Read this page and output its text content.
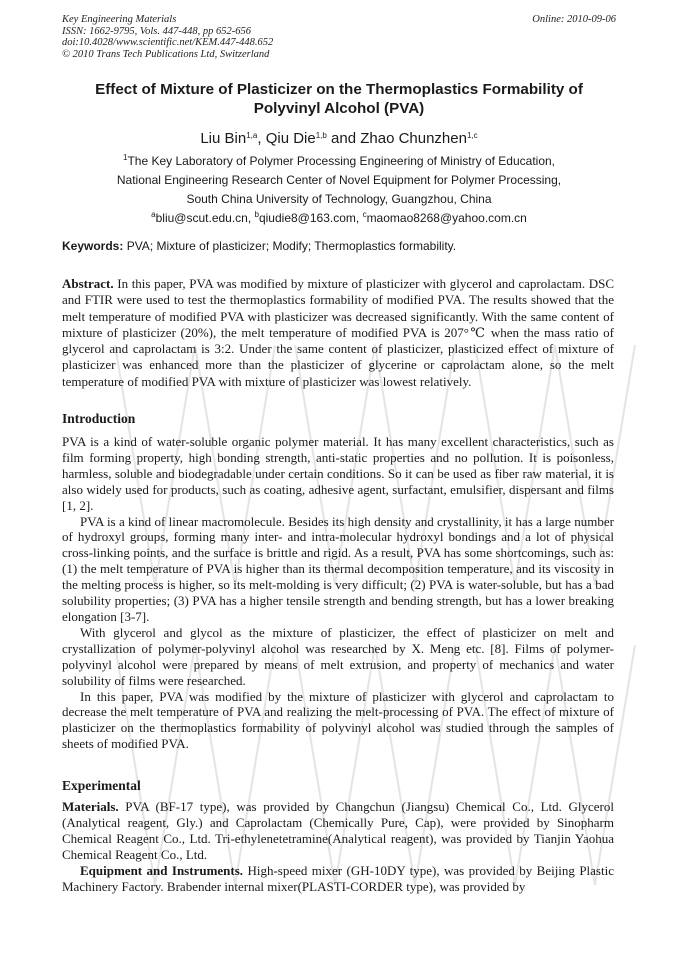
Key Engineering Materials
ISSN: 1662-9795, Vols. 447-448, pp 652-656
doi:10.4028/www.scientific.net/KEM.447-448.652
© 2010 Trans Tech Publications Ltd, Switzerland
Online: 2010-09-06
Effect of Mixture of Plasticizer on the Thermoplastics Formability of
Polyvinyl Alcohol (PVA)
Liu Bin$^{1,a}$, Qiu Die$^{1,b}$ and Zhao Chunzhen$^{1,c}$
$^1$The Key Laboratory of Polymer Processing Engineering of Ministry of Education,
National Engineering Research Center of Novel Equipment for Polymer Processing,
South China University of Technology, Guangzhou, China
$^a$bliu@scut.edu.cn, $^b$qiudie8@163.com, $^c$maomao8268@yahoo.com.cn
Keywords: PVA; Mixture of plasticizer; Modify; Thermoplastics formability.

Abstract. In this paper, PVA was modified by mixture of plasticizer with glycerol and caprolactam. DSC and FTIR were used to test the thermoplastics formability of modified PVA. The results showed that the melt temperature of modified PVA with plasticizer was decreased significantly. With the same content of mixture of plasticizer (20%), the melt temperature of modified PVA is 207°℃ when the mass ratio of glycerol and caprolactam is 3:2. Under the same content of plasticizer, plasticized effect of mixture of plasticizer was enhanced more than the plasticizer of glycerine or caprolactam alone, so the melt temperature of modified PVA with mixture of plasticizer was lowest relatively.

Introduction

PVA is a kind of water-soluble organic polymer material. It has many excellent characteristics, such as film forming property, high bonding strength, anti-static properties and no pollution. It is poisonless, harmless, soluble and biodegradable under certain conditions. So it can be used as fiber raw material, it is also widely used for products, such as coating, adhesive agent, surfactant, emulsifier, dispersant and films [1, 2].

PVA is a kind of linear macromolecule. Besides its high density and crystallinity, it has a large number of hydroxyl groups, forming many inter- and intra-molecular hydroxyl bondings and a lot of physical cross-linking points, and the surface is brittle and rigid. As a result, PVA has some shortcomings, such as: (1) the melt temperature of PVA is higher than its thermal decomposition temperature, and its viscosity in the melting process is higher, so its melt-molding is very difficult; (2) PVA is water-soluble, but has a bad solubility properties; (3) PVA has a higher tensile strength and bending strength, but has a lower breaking elongation [3-7].

With glycerol and glycol as the mixture of plasticizer, the effect of plasticizer on melt and crystallization of polymer-polyvinyl alcohol was researched by X. Meng etc. [8]. Films of polymer-polyvinyl alcohol were prepared by means of melt extrusion, and property of mechanics and water solubility of films were researched.

In this paper, PVA was modified by the mixture of plasticizer with glycerol and caprolactam to decrease the melt temperature of PVA and realizing the melt-processing of PVA. The effect of mixture of plasticizer on the thermoplastics formability of polyvinyl alcohol was studied through the samples of sheets of modified PVA.

Experimental

Materials. PVA (BF-17 type), was provided by Changchun (Jiangsu) Chemical Co., Ltd. Glycerol (Analytical reagent, Gly.) and Caprolactam (Chemically Pure, Cap), were provided by Sinopharm Chemical Reagent Co., Ltd. Tri-ethylenetetramine(Analytical reagent), was provided by Tianjin Yaohua Chemical Reagent Co., Ltd.

Equipment and Instruments. High-speed mixer (GH-10DY type), was provided by Beijing Plastic Machinery Factory. Brabender internal mixer(PLASTI-CORDER type), was provided by
